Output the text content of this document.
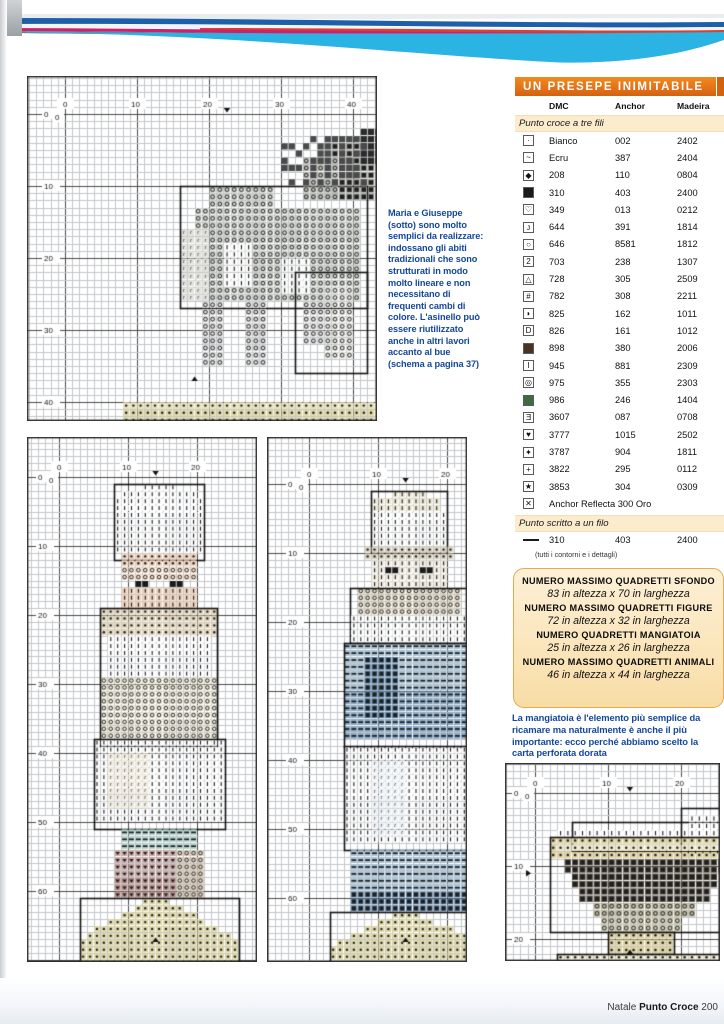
Maria e Giuseppe (sotto) sono molto semplici da realizzare: indossano gli abiti tradizionali che sono strutturati in modo molto lineare e non necessitano di frequenti cambi di colore. L'asinello può essere riutilizzato anche in altri lavori accanto al bue (schema a pagina 37)
UN PRESEPE INIMITABILE
DMC	Anchor	Madeira
Punto croce a tre fili
·	Bianco	002	2402
~	Ecru	387	2404
◆	208	110	0804
310	403	2400
♡	349	013	0212
ᴊ	644	391	1814
○	646	8581	1812
2	703	238	1307
△	728	305	2509
#	782	308	2211
◗	825	162	1011
D	826	161	1012
898	380	2006
I	945	881	2309
◎	975	355	2303
986	246	1404
Ǝ	3607	087	0708
♥	3777	1015	2502
✦	3787	904	1811
+	3822	295	0112
★	3853	304	0309
✕	Anchor Reflecta 300 Oro
Punto scritto a un filo
310	403	2400
(tutti i contorni e i dettagli)
NUMERO MASSIMO QUADRETTI SFONDO
83 in altezza x 70 in larghezza
NUMERO MASSIMO QUADRETTI FIGURE
72 in altezza x 32 in larghezza
NUMERO QUADRETTI MANGIATOIA
25 in altezza x 26 in larghezza
NUMERO MASSIMO QUADRETTI ANIMALI
46 in altezza x 44 in larghezza
La mangiatoia è l'elemento più semplice da ricamare ma naturalmente è anche il più importante: ecco perché abbiamo scelto la carta perforata dorata
Natale Punto Croce 200
